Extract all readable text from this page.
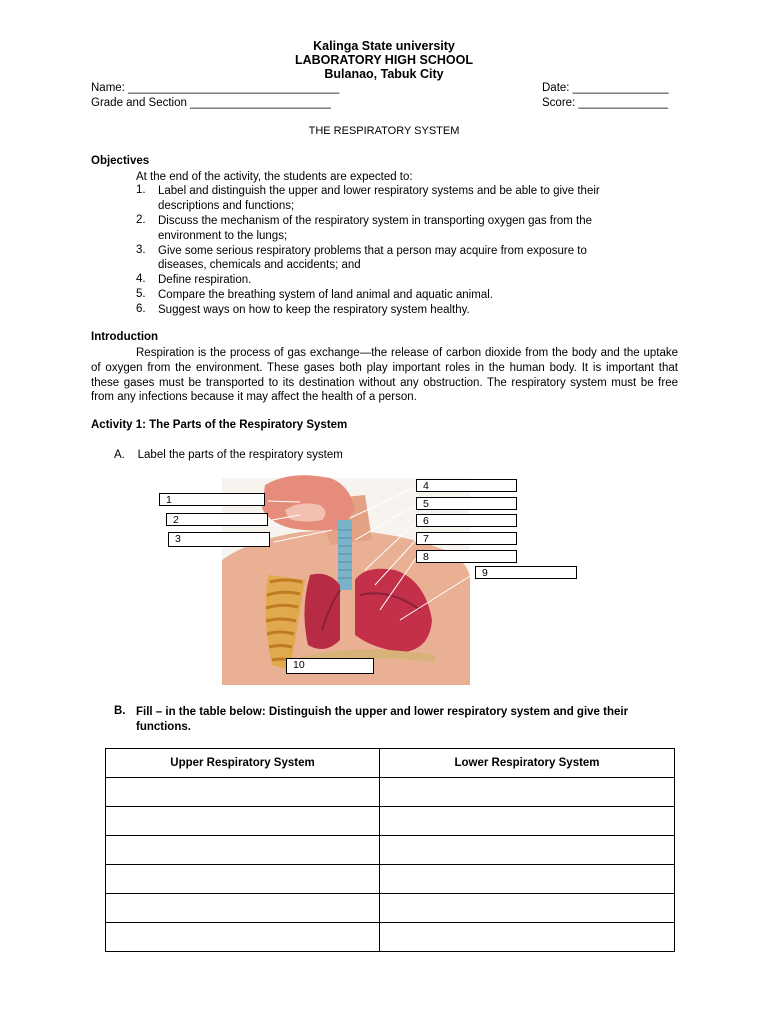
Kalinga State university
LABORATORY HIGH SCHOOL
Bulanao, Tabuk City
Name: _________________________________	Date: _______________
Grade and Section ______________________	Score: ______________
THE RESPIRATORY SYSTEM
Objectives
At the end of the activity, the students are expected to:
1.	Label and distinguish the upper and lower respiratory systems and be able to give their
descriptions and functions;
2.	Discuss the mechanism of the respiratory system in transporting oxygen gas from the
environment to the lungs;
3.	Give some serious respiratory problems that a person may acquire from exposure to
diseases, chemicals and accidents; and
4.	Define respiration.
5.	Compare the breathing system of land animal and aquatic animal.
6.	Suggest ways on how to keep the respiratory system healthy.
Introduction
Respiration is the process of gas exchange—the release of carbon dioxide from the body and the uptake of oxygen from the environment. These gases both play important roles in the human body. It is important that these gases must be transported to its destination without any obstruction. The respiratory system must be free from any infections because it may affect the health of a person.
Activity 1: The Parts of the Respiratory System
A.    Label the parts of the respiratory system
1
2
3
4
5
6
7
8
9
10
B. Fill – in the table below: Distinguish the upper and lower respiratory system and give their functions.
Upper Respiratory System	Lower Respiratory System
